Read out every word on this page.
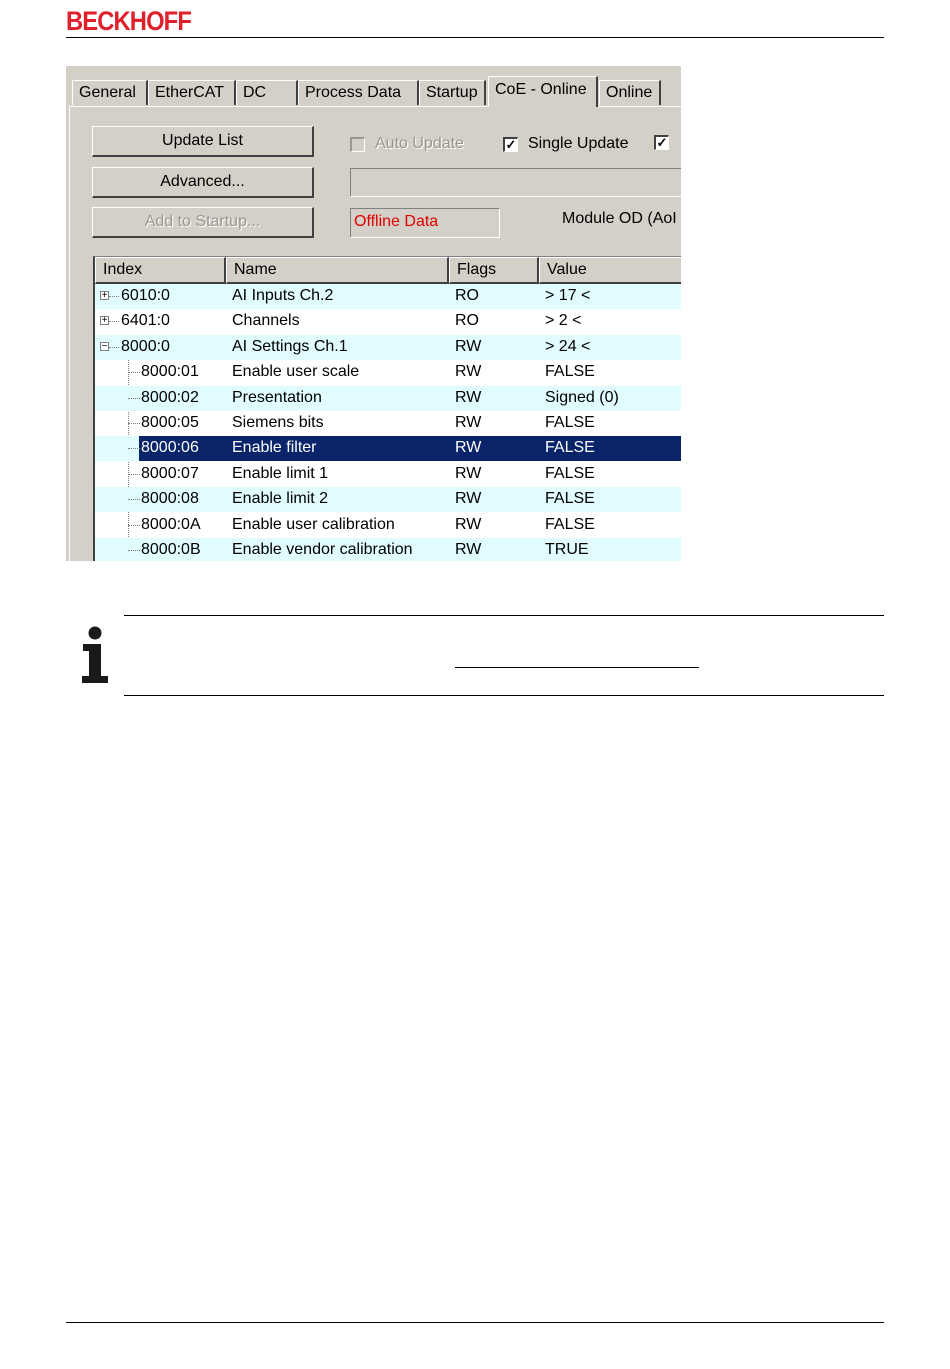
BECKHOFF
General	EtherCAT	DC	Process Data	Startup	CoE - Online	Online
Update List
Advanced...
Add to Startup...
Auto Update	✓ Single Update ✓
Offline Data	Module OD (AoI
Index	Name	Flags	Value
+ 6010:0	AI Inputs Ch.2	RO	> 17 <
+ 6401:0	Channels	RO	> 2 <
− 8000:0	AI Settings Ch.1	RW	> 24 <
8000:01 Enable user scale	RW	FALSE
8000:02 Presentation	RW	Signed (0)
8000:05 Siemens bits	RW	FALSE
8000:06 Enable filter	RW	FALSE
8000:07 Enable limit 1	RW	FALSE
8000:08 Enable limit 2	RW	FALSE
8000:0A Enable user calibration	RW	FALSE
8000:0B Enable vendor calibration	RW	TRUE
